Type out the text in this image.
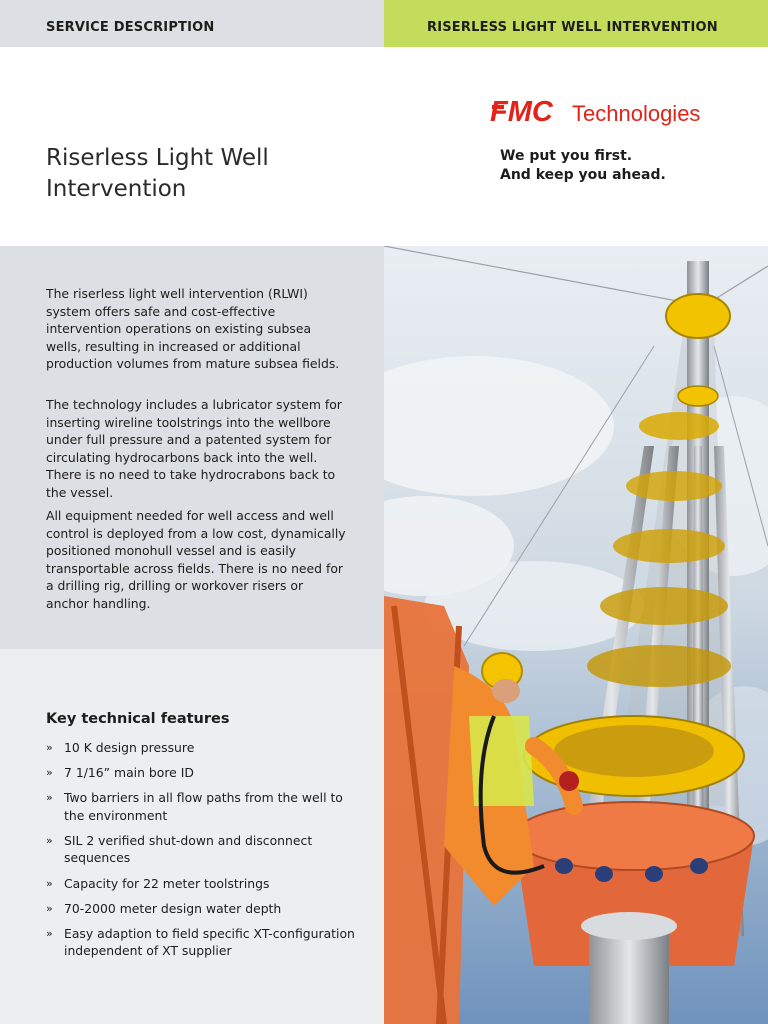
SERVICE DESCRIPTION	RISERLESS LIGHT WELL INTERVENTION
Riserless Light Well Intervention
FMC Technologies
We put you first.
And keep you ahead.

The riserless light well intervention (RLWI) system offers safe and cost-effective intervention operations on existing subsea wells, resulting in increased or additional production volumes from mature subsea fields.

The technology includes a lubricator system for inserting wireline toolstrings into the wellbore under full pressure and a patented system for circulating hydrocarbons back into the well. There is no need to take hydrocrabons back to the vessel.

All equipment needed for well access and well control is deployed from a low cost, dynamically positioned monohull vessel and is easily transportable across fields. There is no need for a drilling rig, drilling or workover risers or anchor handling.

Key technical features
» 10 K design pressure
» 7 1/16” main bore ID
» Two barriers in all flow paths from the well to the environment
» SIL 2 verified shut-down and disconnect sequences
» Capacity for 22 meter toolstrings
» 70-2000 meter design water depth
» Easy adaption to field specific XT-configuration independent of XT supplier
